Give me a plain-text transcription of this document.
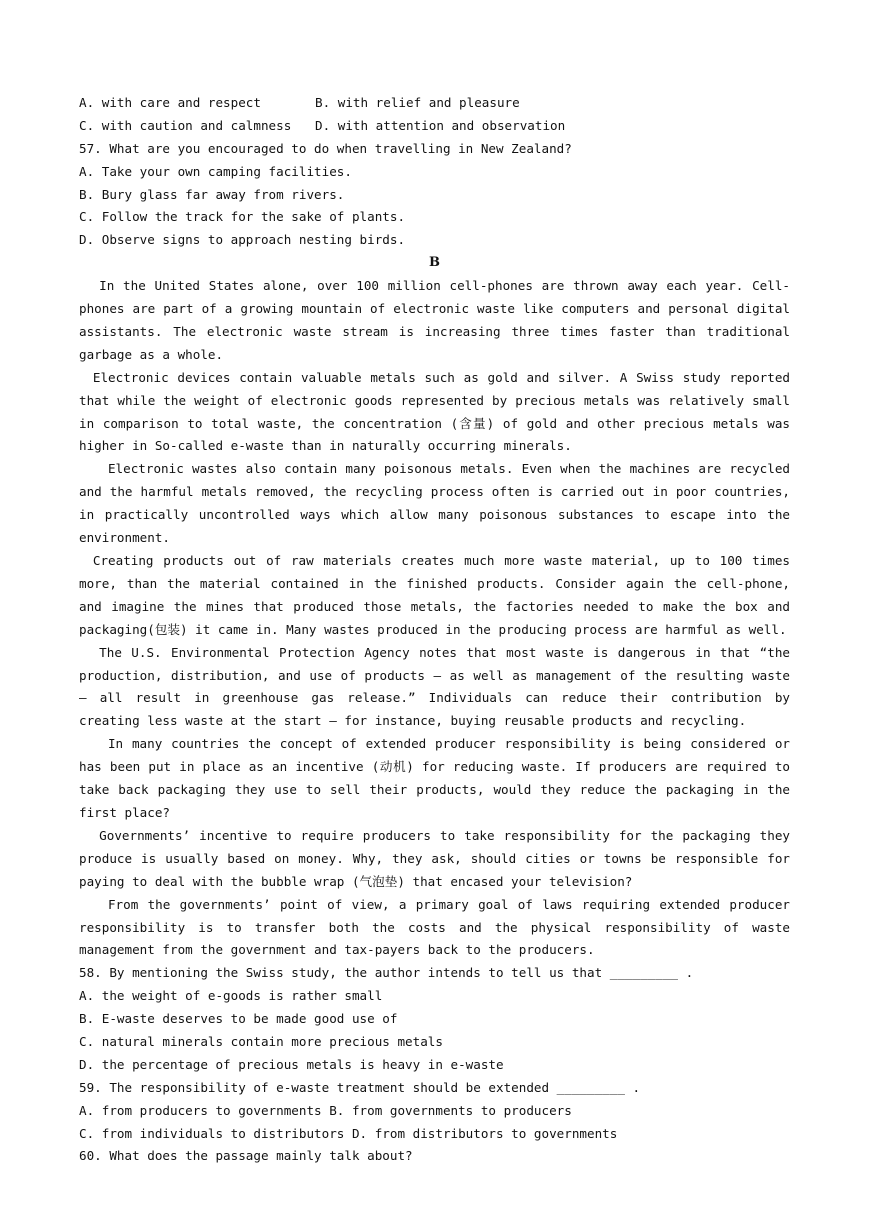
A. with care and respect	B. with relief and pleasure
C. with caution and calmness	D. with attention and observation
57. What are you encouraged to do when travelling in New Zealand?
A. Take your own camping facilities.
B. Bury glass far away from rivers.
C. Follow the track for the sake of plants.
D. Observe signs to approach nesting birds.
B
In the United States alone, over 100 million cell-phones are thrown away each year. Cell-phones are part of a growing mountain of electronic waste like computers and personal digital assistants. The electronic waste stream is increasing three times faster than traditional garbage as a whole.
Electronic devices contain valuable metals such as gold and silver. A Swiss study reported that while the weight of electronic goods represented by precious metals was relatively small in comparison to total waste, the concentration (含量) of gold and other precious metals was higher in So-called e-waste than in naturally occurring minerals.
Electronic wastes also contain many poisonous metals. Even when the machines are recycled and the harmful metals removed, the recycling process often is carried out in poor countries, in practically uncontrolled ways which allow many poisonous substances to escape into the environment.
Creating products out of raw materials creates much more waste material, up to 100 times more, than the material contained in the finished products. Consider again the cell-phone, and imagine the mines that produced those metals, the factories needed to make the box and packaging(包装) it came in. Many wastes produced in the producing process are harmful as well.
The U.S. Environmental Protection Agency notes that most waste is dangerous in that “the production, distribution, and use of products — as well as management of the resulting waste — all result in greenhouse gas release.” Individuals can reduce their contribution by creating less waste at the start — for instance, buying reusable products and recycling.
In many countries the concept of extended producer responsibility is being considered or has been put in place as an incentive (动机) for reducing waste. If producers are required to take back packaging they use to sell their products, would they reduce the packaging in the first place?
Governments’ incentive to require producers to take responsibility for the packaging they produce is usually based on money. Why, they ask, should cities or towns be responsible for paying to deal with the bubble wrap (气泡垫) that encased your television?
From the governments’ point of view, a primary goal of laws requiring extended producer responsibility is to transfer both the costs and the physical responsibility of waste management from the government and tax-payers back to the producers.
58. By mentioning the Swiss study, the author intends to tell us that _________ .
A. the weight of e-goods is rather small
B. E-waste deserves to be made good use of
C. natural minerals contain more precious metals
D. the percentage of precious metals is heavy in e-waste
59. The responsibility of e-waste treatment should be extended _________ .
A. from producers to governments B. from governments to producers
C. from individuals to distributors D. from distributors to governments
60. What does the passage mainly talk about?
